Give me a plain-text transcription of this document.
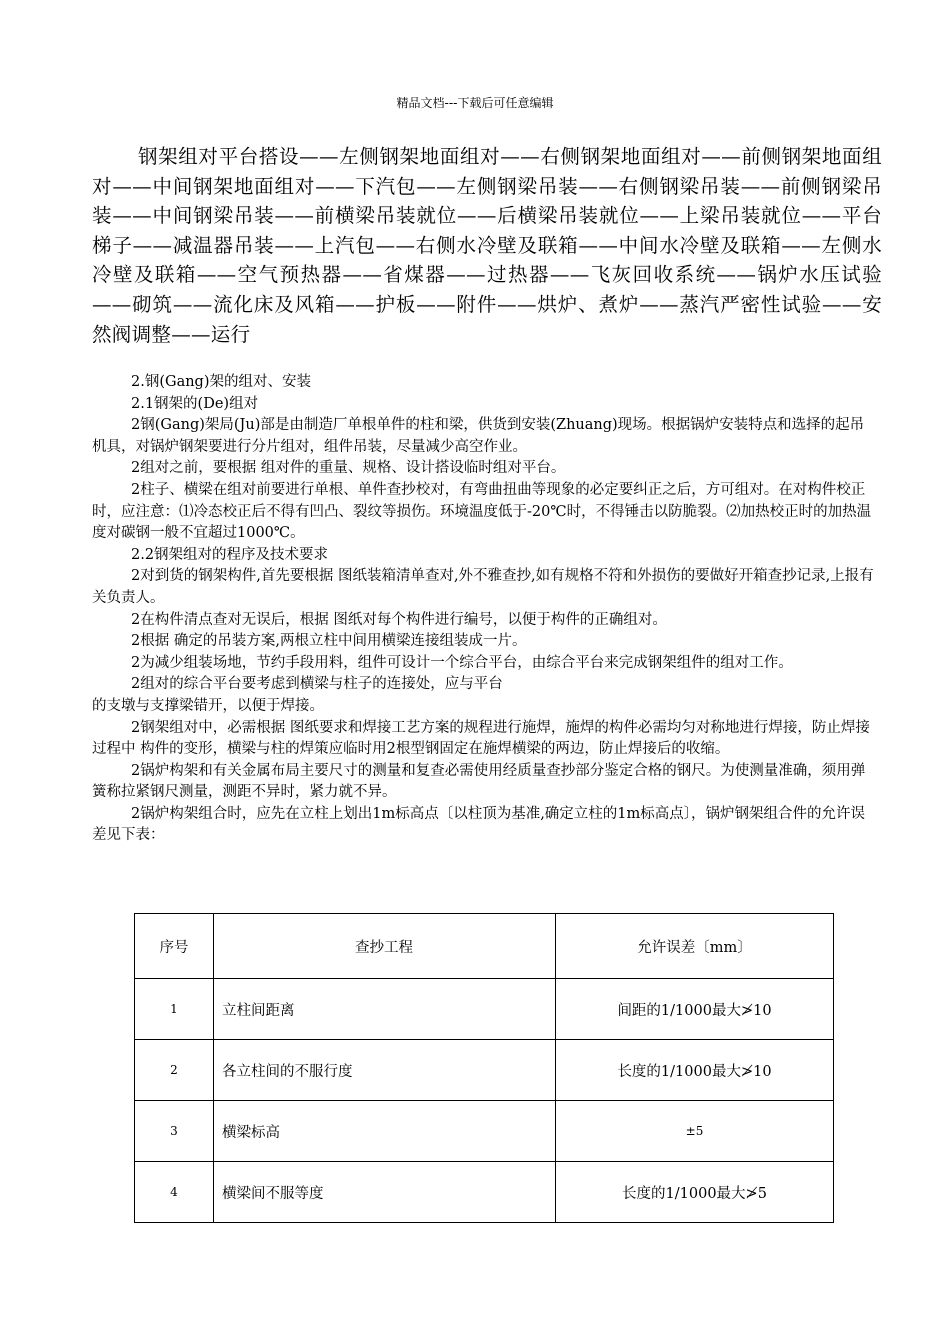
精品文档---下载后可任意编辑
钢架组对平台搭设——左侧钢架地面组对——右侧钢架地面组对——前侧钢架地面组对——中间钢架地面组对——下汽包——左侧钢梁吊装——右侧钢梁吊装——前侧钢梁吊装——中间钢梁吊装——前横梁吊装就位——后横梁吊装就位——上梁吊装就位——平台梯子——减温器吊装——上汽包——右侧水冷壁及联箱——中间水冷壁及联箱——左侧水冷壁及联箱——空气预热器——省煤器——过热器——飞灰回收系统——锅炉水压试验——砌筑——流化床及风箱——护板——附件——烘炉、煮炉——蒸汽严密性试验——安然阀调整——运行

2.钢(Gang)架的组对、安装

2.1钢架的(De)组对

2钢(Gang)架局(Ju)部是由制造厂单根单件的柱和梁，供货到安装(Zhuang)现场。根据锅炉安装特点和选择的起吊机具，对锅炉钢架要进行分片组对，组件吊装，尽量减少高空作业。

2组对之前，要根据 组对件的重量、规格、设计搭设临时组对平台。

2柱子、横梁在组对前要进行单根、单件查抄校对，有弯曲扭曲等现象的必定要纠正之后，方可组对。在对构件校正时，应注意：⑴冷态校正后不得有凹凸、裂纹等损伤。环境温度低于-20℃时，不得锤击以防脆裂。⑵加热校正时的加热温度对碳钢一般不宜超过1000℃。

2.2钢架组对的程序及技术要求

2对到货的钢架构件,首先要根据 图纸装箱清单查对,外不雅查抄,如有规格不符和外损伤的要做好开箱查抄记录,上报有关负责人。

2在构件清点查对无误后，根据 图纸对每个构件进行编号，以便于构件的正确组对。

2根据 确定的吊装方案,两根立柱中间用横梁连接组装成一片。

2为减少组装场地，节约手段用料，组件可设计一个综合平台，由综合平台来完成钢架组件的组对工作。

2组对的综合平台要考虑到横梁与柱子的连接处，应与平台

的支墩与支撑梁错开，以便于焊接。

2钢架组对中，必需根据 图纸要求和焊接工艺方案的规程进行施焊，施焊的构件必需均匀对称地进行焊接，防止焊接过程中 构件的变形，横梁与柱的焊策应临时用2根型钢固定在施焊横梁的两边，防止焊接后的收缩。

2锅炉构架和有关金属布局主要尺寸的测量和复查必需使用经质量查抄部分鉴定合格的钢尺。为使测量准确，须用弹簧称拉紧钢尺测量，测距不异时，紧力就不异。

2锅炉构架组合时，应先在立柱上划出1m标高点〔以柱顶为基准,确定立柱的1m标高点〕，锅炉钢架组合件的允许误差见下表：

序号	查抄工程	允许误差〔mm〕
1	立柱间距离	间距的1/1000最大≯10
2	各立柱间的不服行度	长度的1/1000最大≯10
3	横梁标高	±5
4	横梁间不服等度	长度的1/1000最大≯5
